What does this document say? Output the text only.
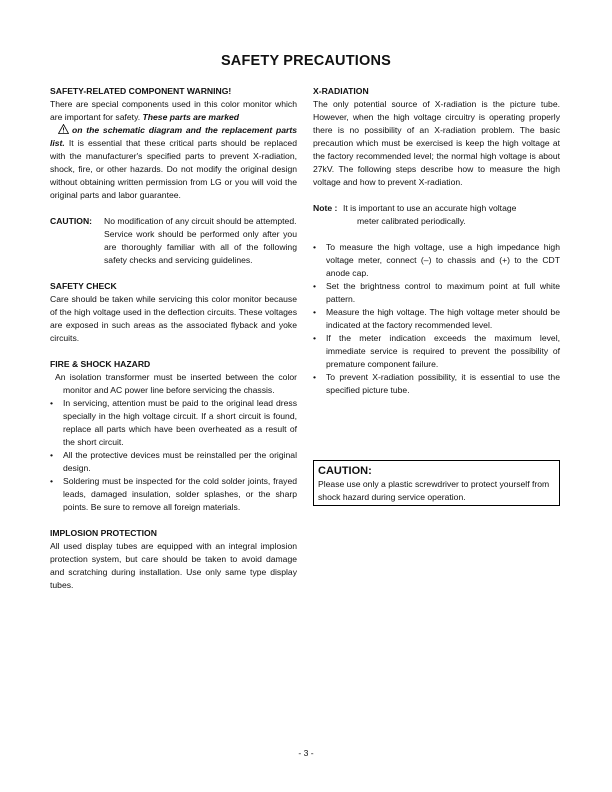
SAFETY PRECAUTIONS
SAFETY-RELATED COMPONENT WARNING!

There are special components used in this color monitor which are important for safety. These parts are marked
on the schematic diagram and the replacement parts list. It is essential that these critical parts should be replaced with the manufacturer's specified parts to prevent X-radiation, shock, fire, or other hazards. Do not modify the original design without obtaining written permission from LG or you will void the original parts and labor guarantee.

CAUTION:	No modification of any circuit should be attempted.

Service work should be performed only after you are thoroughly familiar with all of the following safety checks and servicing guidelines.

SAFETY CHECK

Care should be taken while servicing this color monitor because of the high voltage used in the deflection circuits. These voltages are exposed in such areas as the associated flyback and yoke circuits.

FIRE & SHOCK HAZARD

An isolation transformer must be inserted between the color monitor and AC power line before servicing the chassis.

• In servicing, attention must be paid to the original lead dress specially in the high voltage circuit. If a short circuit is found, replace all parts which have been overheated as a result of the short circuit.
• All the protective devices must be reinstalled per the original design.
• Soldering must be inspected for the cold solder joints, frayed leads, damaged insulation, solder splashes, or the sharp points. Be sure to remove all foreign materials.
IMPLOSION PROTECTION

All used display tubes are equipped with an integral implosion protection system, but care should be taken to avoid damage and scratching during installation. Use only same type display tubes.

X-RADIATION

The only potential source of X-radiation is the picture tube. However, when the high voltage circuitry is operating properly there is no possibility of an X-radiation problem. The basic precaution which must be exercised is keep the high voltage at the factory recommended level; the normal high voltage is about 27kV. The following steps describe how to measure the high voltage and how to prevent X-radiation.

Note : It is important to use an accurate high voltage
meter calibrated periodically.
• To measure the high voltage, use a high impedance high voltage meter, connect (–) to chassis and (+) to the CDT anode cap.
• Set the brightness control to maximum point at full white pattern.
• Measure the high voltage. The high voltage meter should be indicated at the factory recommended level.
• If the meter indication exceeds the maximum level, immediate service is required to prevent the possibility of premature component failure.
• To prevent X-radiation possibility, it is essential to use the specified picture tube.
CAUTION:
Please use only a plastic screwdriver to protect yourself from shock hazard during service operation.
- 3 -
